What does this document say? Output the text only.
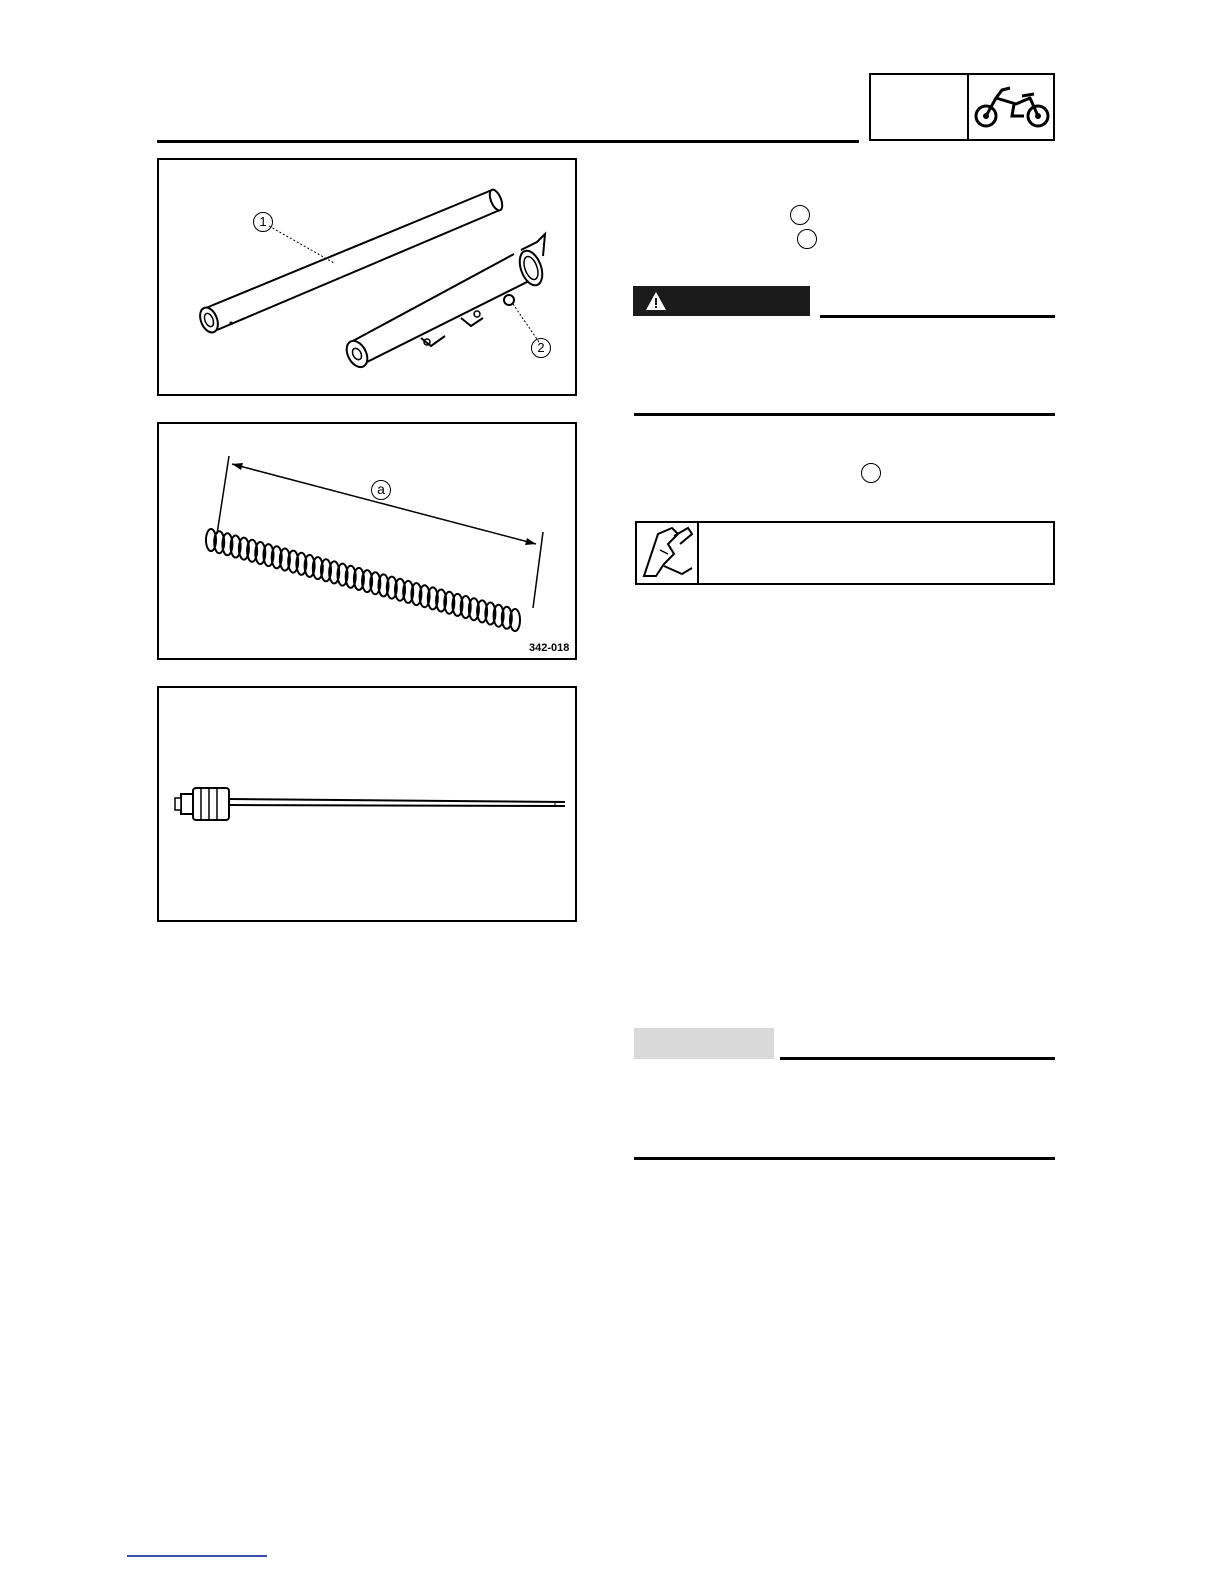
1
2
a
342-018
